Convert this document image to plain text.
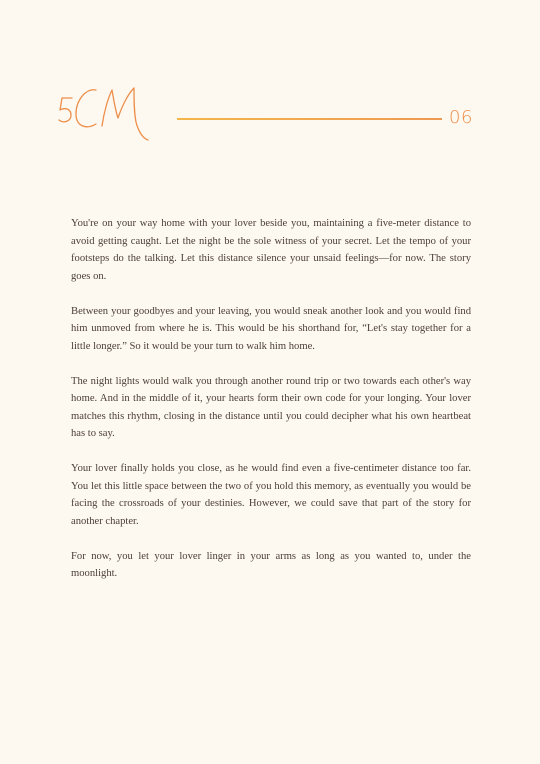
06

You're on your way home with your lover beside you, maintaining a five-meter distance to avoid getting caught. Let the night be the sole witness of your secret. Let the tempo of your footsteps do the talking. Let this distance silence your unsaid feelings—for now. The story goes on.

Between your goodbyes and your leaving, you would sneak another look and you would find him unmoved from where he is. This would be his shorthand for, “Let's stay together for a little longer.” So it would be your turn to walk him home.

The night lights would walk you through another round trip or two towards each other's way home. And in the middle of it, your hearts form their own code for your longing. Your lover matches this rhythm, closing in the distance until you could decipher what his own heartbeat has to say.

Your lover finally holds you close, as he would find even a five-centimeter distance too far. You let this little space between the two of you hold this memory, as eventually you would be facing the crossroads of your destinies. However, we could save that part of the story for another chapter.

For now, you let your lover linger in your arms as long as you wanted to, under the moonlight.
